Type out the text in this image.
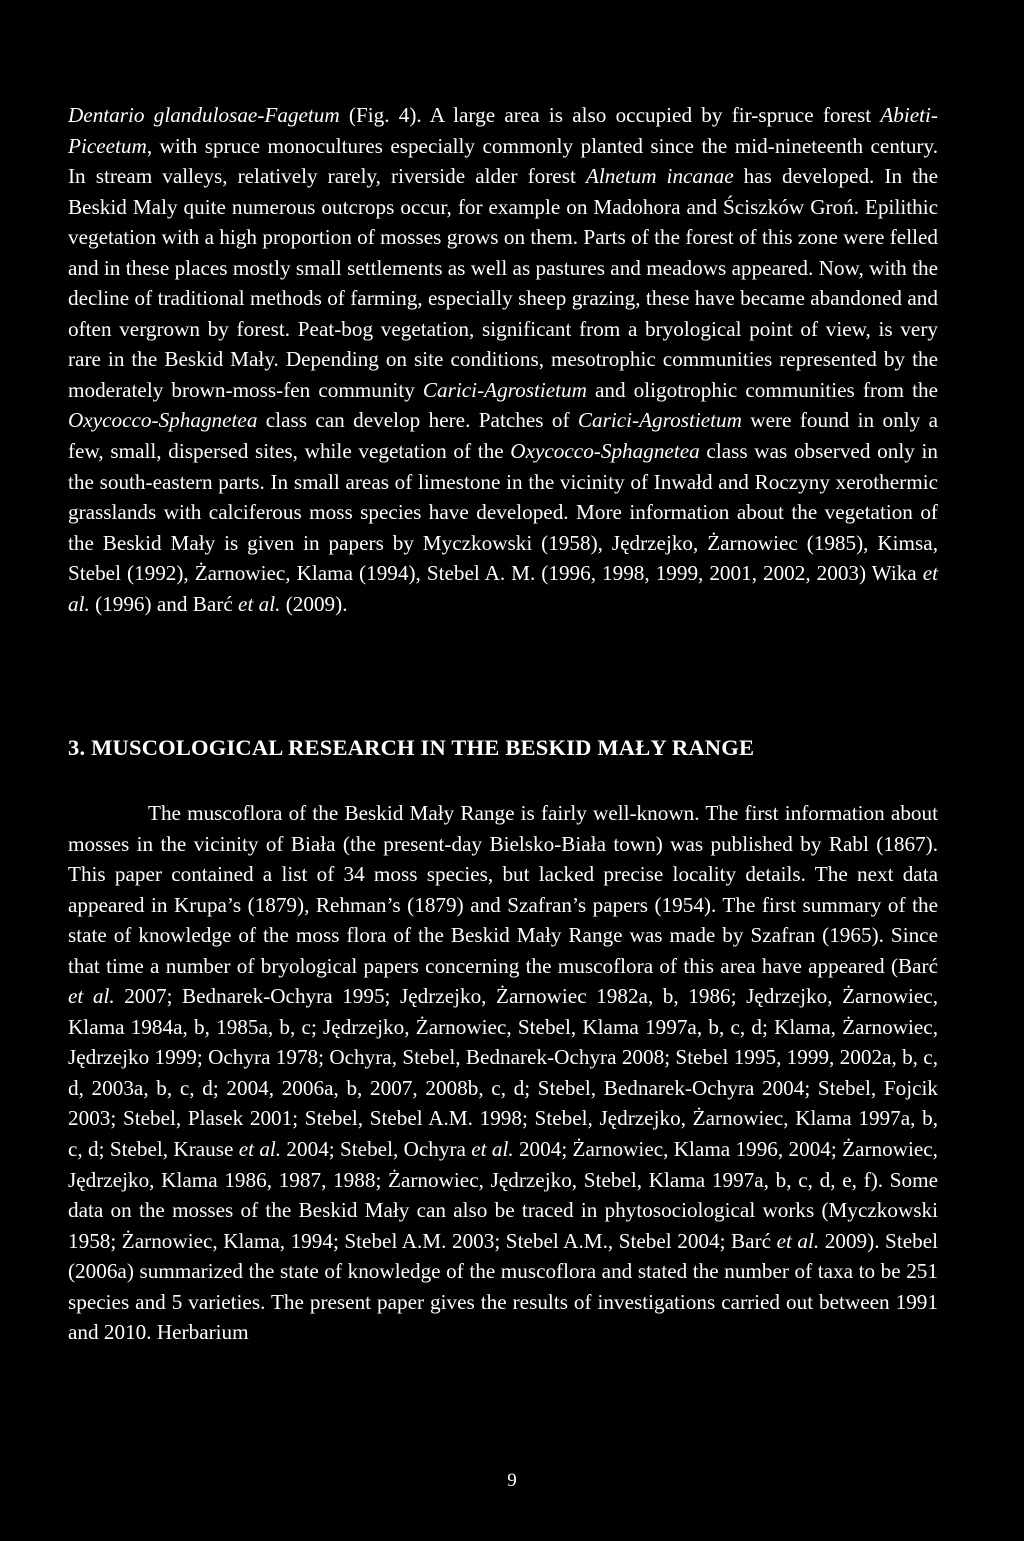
Dentario glandulosae-Fagetum (Fig. 4). A large area is also occupied by fir-spruce forest Abieti-Piceetum, with spruce monocultures especially commonly planted since the mid-nineteenth century. In stream valleys, relatively rarely, riverside alder forest Alnetum incanae has developed. In the Beskid Maly quite numerous outcrops occur, for example on Madohora and Ściszków Groń. Epilithic vegetation with a high proportion of mosses grows on them. Parts of the forest of this zone were felled and in these places mostly small settlements as well as pastures and meadows appeared. Now, with the decline of traditional methods of farming, especially sheep grazing, these have became abandoned and often vergrown by forest. Peat-bog vegetation, significant from a bryological point of view, is very rare in the Beskid Mały. Depending on site conditions, mesotrophic communities represented by the moderately brown-moss-fen community Carici-Agrostietum and oligotrophic communities from the Oxycocco-Sphagnetea class can develop here. Patches of Carici-Agrostietum were found in only a few, small, dispersed sites, while vegetation of the Oxycocco-Sphagnetea class was observed only in the south-eastern parts. In small areas of limestone in the vicinity of Inwałd and Roczyny xerothermic grasslands with calciferous moss species have developed. More information about the vegetation of the Beskid Mały is given in papers by Myczkowski (1958), Jędrzejko, Żarnowiec (1985), Kimsa, Stebel (1992), Żarnowiec, Klama (1994), Stebel A. M. (1996, 1998, 1999, 2001, 2002, 2003) Wika et al. (1996) and Barć et al. (2009).

3. MUSCOLOGICAL RESEARCH IN THE BESKID MAŁY RANGE

The muscoflora of the Beskid Mały Range is fairly well-known. The first information about mosses in the vicinity of Biała (the present-day Bielsko-Biała town) was published by Rabl (1867). This paper contained a list of 34 moss species, but lacked precise locality details. The next data appeared in Krupa’s (1879), Rehman’s (1879) and Szafran’s papers (1954). The first summary of the state of knowledge of the moss flora of the Beskid Mały Range was made by Szafran (1965). Since that time a number of bryological papers concerning the muscoflora of this area have appeared (Barć et al. 2007; Bednarek-Ochyra 1995; Jędrzejko, Żarnowiec 1982a, b, 1986; Jędrzejko, Żarnowiec, Klama 1984a, b, 1985a, b, c; Jędrzejko, Żarnowiec, Stebel, Klama 1997a, b, c, d; Klama, Żarnowiec, Jędrzejko 1999; Ochyra 1978; Ochyra, Stebel, Bednarek-Ochyra 2008; Stebel 1995, 1999, 2002a, b, c, d, 2003a, b, c, d; 2004, 2006a, b, 2007, 2008b, c, d; Stebel, Bednarek-Ochyra 2004; Stebel, Fojcik 2003; Stebel, Plasek 2001; Stebel, Stebel A.M. 1998; Stebel, Jędrzejko, Żarnowiec, Klama 1997a, b, c, d; Stebel, Krause et al. 2004; Stebel, Ochyra et al. 2004; Żarnowiec, Klama 1996, 2004; Żarnowiec, Jędrzejko, Klama 1986, 1987, 1988; Żarnowiec, Jędrzejko, Stebel, Klama 1997a, b, c, d, e, f). Some data on the mosses of the Beskid Mały can also be traced in phytosociological works (Myczkowski 1958; Żarnowiec, Klama, 1994; Stebel A.M. 2003; Stebel A.M., Stebel 2004; Barć et al. 2009). Stebel (2006a) summarized the state of knowledge of the muscoflora and stated the number of taxa to be 251 species and 5 varieties. The present paper gives the results of investigations carried out between 1991 and 2010. Herbarium

9
